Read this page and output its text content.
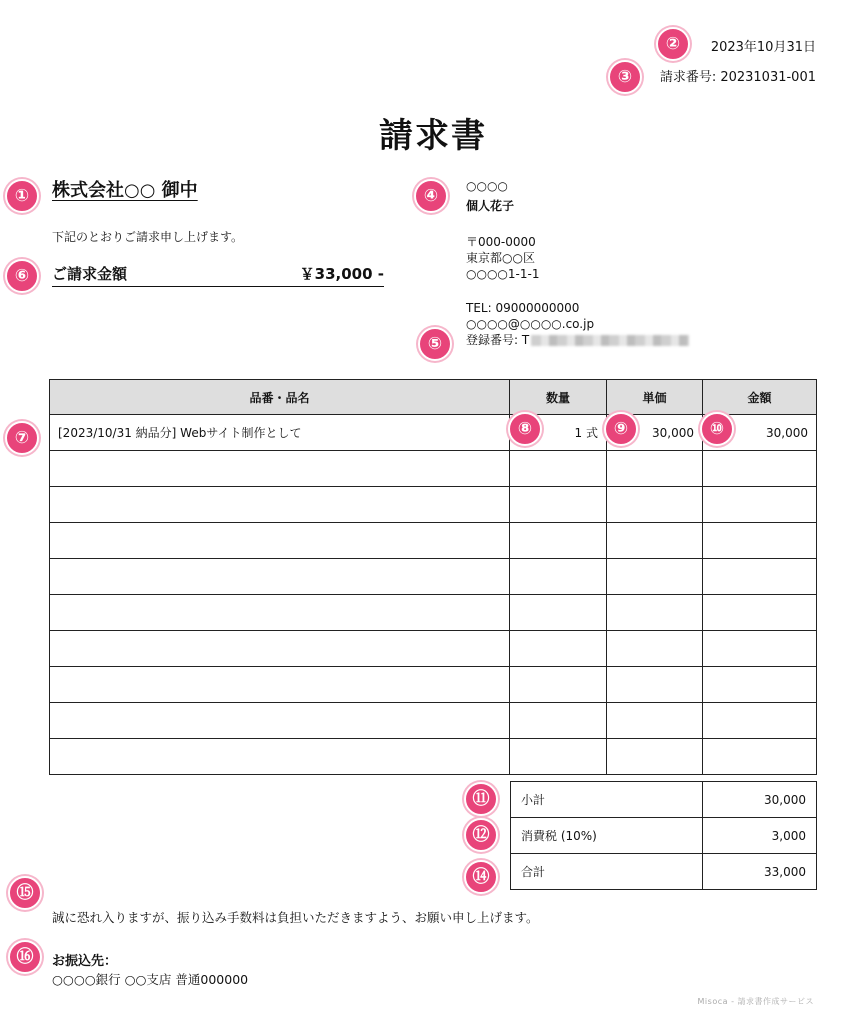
2023年10月31日
請求番号: 20231031-001
請求書
株式会社○○ 御中
下記のとおりご請求申し上げます。
ご請求金額	￥33,000 -
○○○○
個人花子
〒000-0000
東京都○○区
○○○○1-1-1
TEL: 09000000000
○○○○@○○○○.co.jp
登録番号: T
品番・品名	数量	単価	金額
[2023/10/31 納品分] Webサイト制作として	1 式	30,000	30,000

小計	30,000
消費税 (10%)	3,000
合計	33,000
誠に恐れ入りますが、振り込み手数料は負担いただきますよう、お願い申し上げます。
お振込先：
○○○○銀行 ○○支店 普通000000
Misoca - 請求書作成サービス
①
②
③
④
⑤
⑥
⑦	⑧	⑨	⑩
⑪
⑫
⑭
⑮
⑯
